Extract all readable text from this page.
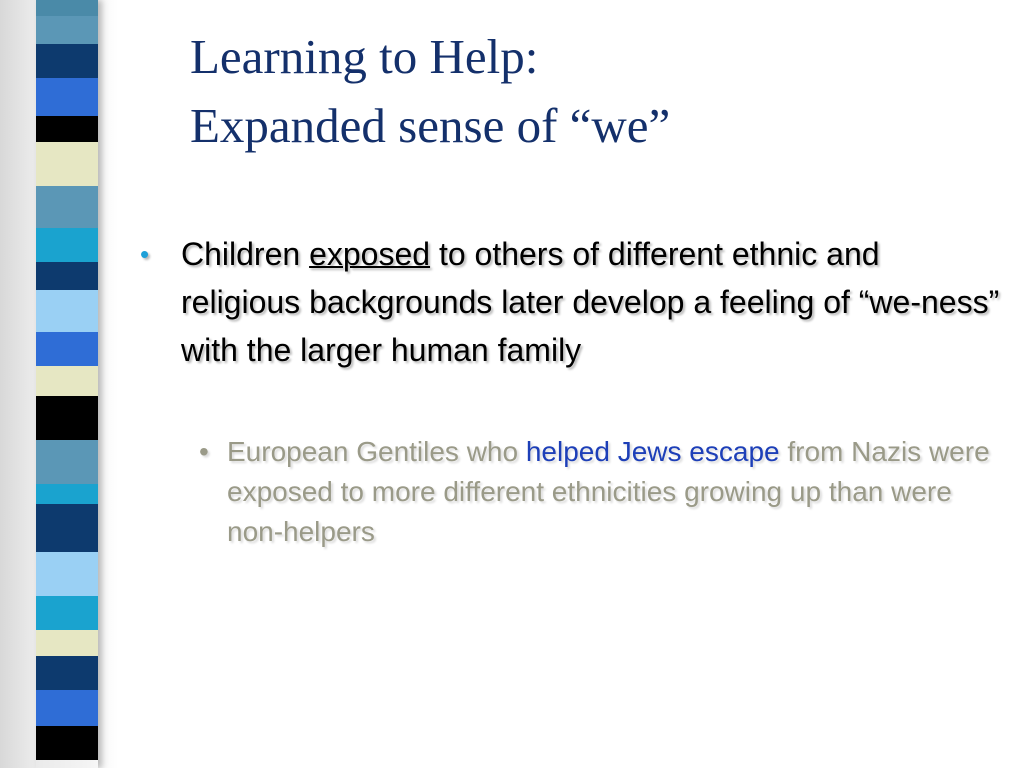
Learning to Help:
Expanded sense of “we”
• Children exposed to others of different ethnic and religious backgrounds later develop a feeling of “we-ness” with the larger human family
• European Gentiles who helped Jews escape from Nazis were exposed to more different ethnicities growing up than were non-helpers
